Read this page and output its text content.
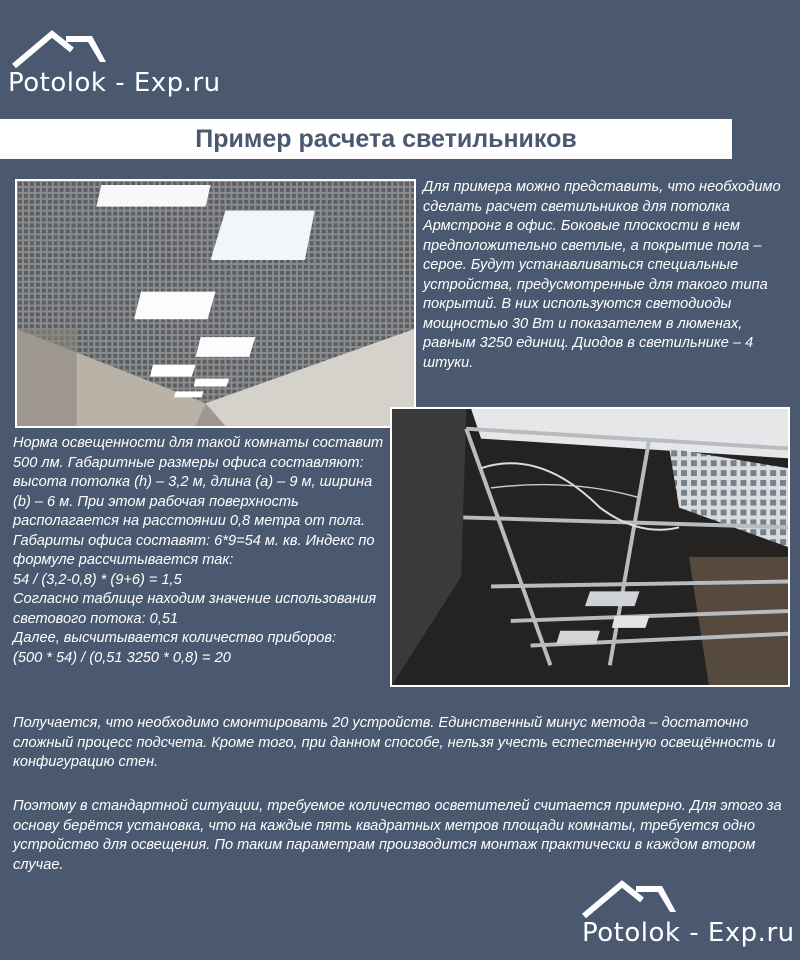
Potolok - Exp.ru
Пример расчета светильников

Для примера можно представить, что необходимо сделать расчет светильников для потолка Армстронг в офис. Боковые плоскости в нем предположительно светлые, а покрытие пола – серое. Будут устанавливаться специальные устройства, предусмотренные для такого типа покрытий. В них используются светодиоды мощностью 30 Вт и показателем в люменах, равным 3250 единиц. Диодов в светильнике – 4 штуки.

Норма освещенности для такой комнаты составит 500 лм. Габаритные размеры офиса составляют: высота потолка (h) – 3,2 м, длина (a) – 9 м, ширина (b) – 6 м. При этом рабочая поверхность располагается на расстоянии 0,8 метра от пола. Габариты офиса составят: 6*9=54 м. кв. Индекс по формуле рассчитывается так:

54 / (3,2-0,8) * (9+6) = 1,5

Согласно таблице находим значение использования светового потока: 0,51

Далее, высчитывается количество приборов:

(500 * 54) / (0,51 3250 * 0,8) = 20

Получается, что необходимо смонтировать 20 устройств. Единственный минус метода – достаточно сложный процесс подсчета. Кроме того, при данном способе, нельзя учесть естественную освещённость и конфигурацию стен.

Поэтому в стандартной ситуации, требуемое количество осветителей считается примерно. Для этого за основу берётся установка, что на каждые пять квадратных метров площади комнаты, требуется одно устройство для освещения. По таким параметрам производится монтаж практически в каждом втором случае.

Potolok - Exp.ru
